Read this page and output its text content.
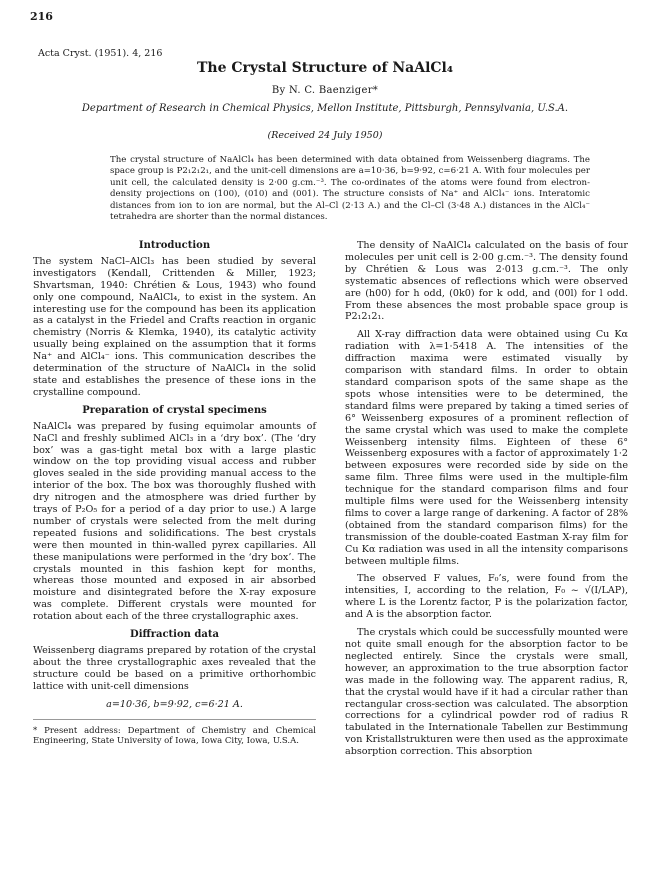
216
Acta Cryst. (1951). 4, 216
The Crystal Structure of NaAlCl₄
By N. C. Baenziger*
Department of Research in Chemical Physics, Mellon Institute, Pittsburgh, Pennsylvania, U.S.A.
(Received 24 July 1950)
The crystal structure of NaAlCl₄ has been determined with data obtained from Weissenberg diagrams. The space group is P2₁2₁2₁, and the unit-cell dimensions are a=10·36, b=9·92, c=6·21 A. With four molecules per unit cell, the calculated density is 2·00 g.cm.⁻³. The co-ordinates of the atoms were found from electron-density projections on (100), (010) and (001). The structure consists of Na⁺ and AlCl₄⁻ ions. Interatomic distances from ion to ion are normal, but the Al–Cl (2·13 A.) and the Cl–Cl (3·48 A.) distances in the AlCl₄⁻ tetrahedra are shorter than the normal distances.
Introduction

The system NaCl–AlCl₃ has been studied by several investigators (Kendall, Crittenden & Miller, 1923; Shvartsman, 1940: Chrétien & Lous, 1943) who found only one compound, NaAlCl₄, to exist in the system. An interesting use for the compound has been its application as a catalyst in the Friedel and Crafts reaction in organic chemistry (Norris & Klemka, 1940), its catalytic activity usually being explained on the assumption that it forms Na⁺ and AlCl₄⁻ ions. This communication describes the determination of the structure of NaAlCl₄ in the solid state and establishes the presence of these ions in the crystalline compound.

Preparation of crystal specimens

NaAlCl₄ was prepared by fusing equimolar amounts of NaCl and freshly sublimed AlCl₃ in a ‘dry box’. (The ‘dry box’ was a gas-tight metal box with a large plastic window on the top providing visual access and rubber gloves sealed in the side providing manual access to the interior of the box. The box was thoroughly flushed with dry nitrogen and the atmosphere was dried further by trays of P₂O₅ for a period of a day prior to use.) A large number of crystals were selected from the melt during repeated fusions and solidifications. The best crystals were then mounted in thin-walled pyrex capillaries. All these manipulations were performed in the ‘dry box’. The crystals mounted in this fashion kept for months, whereas those mounted and exposed in air absorbed moisture and disintegrated before the X-ray exposure was complete. Different crystals were mounted for rotation about each of the three crystallographic axes.

Diffraction data

Weissenberg diagrams prepared by rotation of the crystal about the three crystallographic axes revealed that the structure could be based on a primitive orthorhombic lattice with unit-cell dimensions

a=10·36, b=9·92, c=6·21 A.
* Present address: Department of Chemistry and Chemical Engineering, State University of Iowa, Iowa City, Iowa, U.S.A.

The density of NaAlCl₄ calculated on the basis of four molecules per unit cell is 2·00 g.cm.⁻³. The density found by Chrétien & Lous was 2·013 g.cm.⁻³. The only systematic absences of reflections which were observed are (h00) for h odd, (0k0) for k odd, and (00l) for l odd. From these absences the most probable space group is P2₁2₁2₁.

All X-ray diffraction data were obtained using Cu Kα radiation with λ=1·5418 A. The intensities of the diffraction maxima were estimated visually by comparison with standard films. In order to obtain standard comparison spots of the same shape as the spots whose intensities were to be determined, the standard films were prepared by taking a timed series of 6° Weissenberg exposures of a prominent reflection of the same crystal which was used to make the complete Weissenberg intensity films. Eighteen of these 6° Weissenberg exposures with a factor of approximately 1·2 between exposures were recorded side by side on the same film. Three films were used in the multiple-film technique for the standard comparison films and four multiple films were used for the Weissenberg intensity films to cover a large range of darkening. A factor of 28% (obtained from the standard comparison films) for the transmission of the double-coated Eastman X-ray film for Cu Kα radiation was used in all the intensity comparisons between multiple films.

The observed F values, F₀’s, were found from the intensities, I, according to the relation, F₀ ~ √(I/LAP), where L is the Lorentz factor, P is the polarization factor, and A is the absorption factor.

The crystals which could be successfully mounted were not quite small enough for the absorption factor to be neglected entirely. Since the crystals were small, however, an approximation to the true absorption factor was made in the following way. The apparent radius, R, that the crystal would have if it had a circular rather than rectangular cross-section was calculated. The absorption corrections for a cylindrical powder rod of radius R tabulated in the Internationale Tabellen zur Bestimmung von Kristallstrukturen were then used as the approximate absorption correction. This absorption
